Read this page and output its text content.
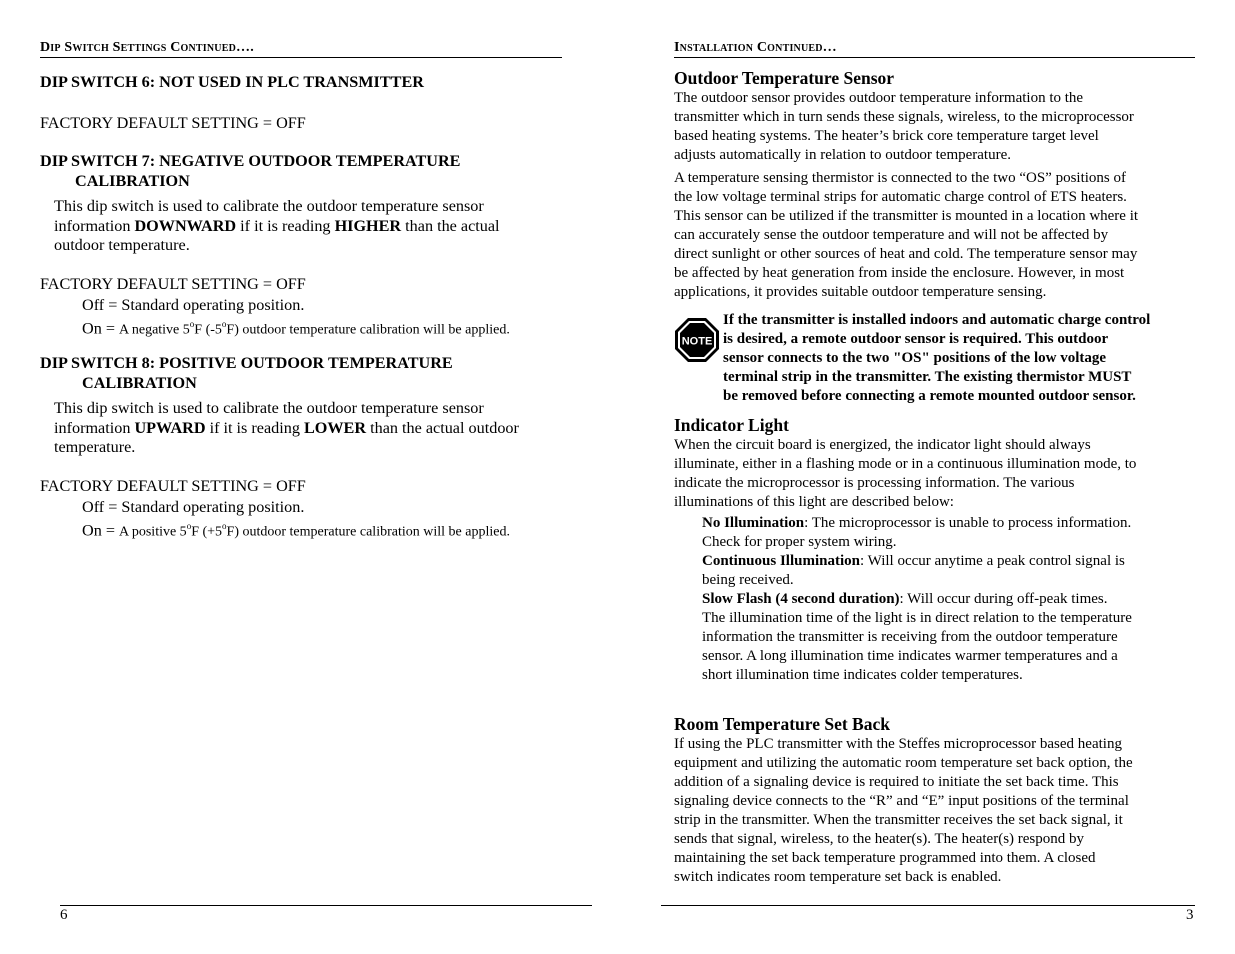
Dip Switch Settings Continued….
DIP SWITCH 6: NOT USED IN PLC TRANSMITTER
FACTORY DEFAULT SETTING = OFF
DIP SWITCH 7: NEGATIVE OUTDOOR TEMPERATURE
CALIBRATION
This dip switch is used to calibrate the outdoor temperature sensor
information DOWNWARD if it is reading HIGHER than the actual
outdoor temperature.
FACTORY DEFAULT SETTING = OFF
Off = Standard operating position.
On = A negative 5$^o$F (-5$^o$F) outdoor temperature calibration will be applied.
DIP SWITCH 8: POSITIVE OUTDOOR TEMPERATURE
CALIBRATION
This dip switch is used to calibrate the outdoor temperature sensor
information UPWARD if it is reading LOWER than the actual outdoor
temperature.
FACTORY DEFAULT SETTING = OFF
Off = Standard operating position.
On = A positive 5$^o$F $(+5^oF)$ outdoor temperature calibration will be applied.
6
Installation Continued…
Outdoor Temperature Sensor
The outdoor sensor provides outdoor temperature information to the
transmitter which in turn sends these signals, wireless, to the microprocessor
based heating systems. The heater’s brick core temperature target level
adjusts automatically in relation to outdoor temperature.
A temperature sensing thermistor is connected to the two “OS” positions of
the low voltage terminal strips for automatic charge control of ETS heaters.
This sensor can be utilized if the transmitter is mounted in a location where it
can accurately sense the outdoor temperature and will not be affected by
direct sunlight or other sources of heat and cold. The temperature sensor may
be affected by heat generation from inside the enclosure. However, in most
applications, it provides suitable outdoor temperature sensing.
NOTE
If the transmitter is installed indoors and automatic charge control
is desired, a remote outdoor sensor is required. This outdoor
sensor connects to the two "OS" positions of the low voltage
terminal strip in the transmitter. The existing thermistor MUST
be removed before connecting a remote mounted outdoor sensor.
Indicator Light
When the circuit board is energized, the indicator light should always
illuminate, either in a flashing mode or in a continuous illumination mode, to
indicate the microprocessor is processing information. The various
illuminations of this light are described below:
No Illumination: The microprocessor is unable to process information.
Check for proper system wiring.
Continuous Illumination: Will occur anytime a peak control signal is
being received.
Slow Flash (4 second duration): Will occur during off-peak times.
The illumination time of the light is in direct relation to the temperature
information the transmitter is receiving from the outdoor temperature
sensor. A long illumination time indicates warmer temperatures and a
short illumination time indicates colder temperatures.
Room Temperature Set Back
If using the PLC transmitter with the Steffes microprocessor based heating
equipment and utilizing the automatic room temperature set back option, the
addition of a signaling device is required to initiate the set back time. This
signaling device connects to the “R” and “E” input positions of the terminal
strip in the transmitter. When the transmitter receives the set back signal, it
sends that signal, wireless, to the heater(s). The heater(s) respond by
maintaining the set back temperature programmed into them. A closed
switch indicates room temperature set back is enabled.
3
